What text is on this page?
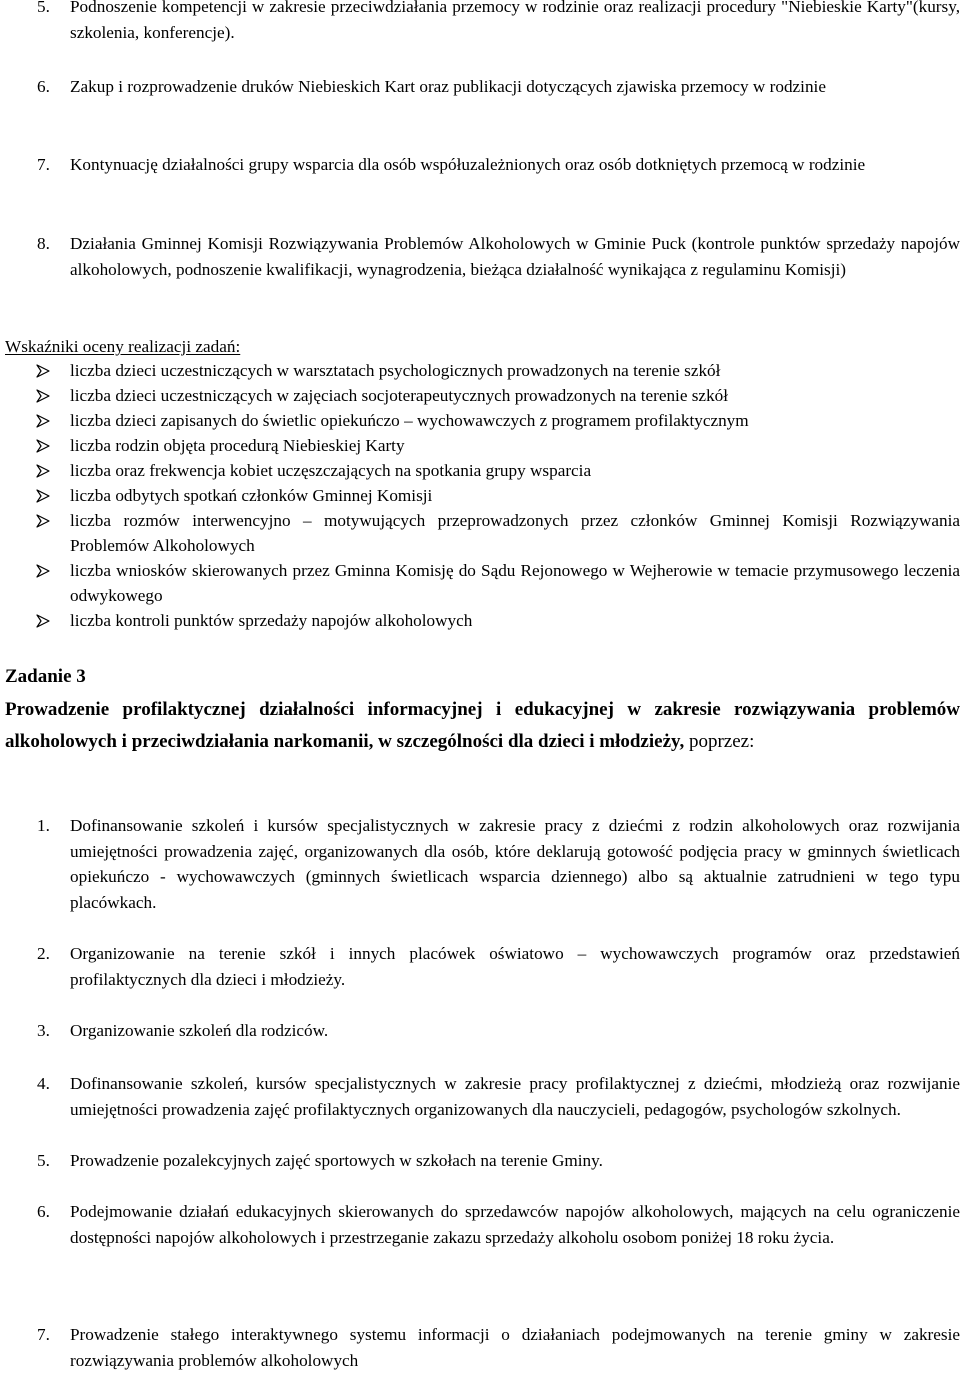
5. Podnoszenie kompetencji w zakresie przeciwdziałania przemocy w rodzinie oraz realizacji procedury "Niebieskie Karty"(kursy, szkolenia, konferencje).
6. Zakup i rozprowadzenie druków Niebieskich Kart oraz publikacji dotyczących zjawiska przemocy w rodzinie
7. Kontynuację działalności grupy wsparcia dla osób współuzależnionych oraz osób dotkniętych przemocą w rodzinie
8. Działania Gminnej Komisji Rozwiązywania Problemów Alkoholowych w Gminie Puck (kontrole punktów sprzedaży napojów alkoholowych, podnoszenie kwalifikacji, wynagrodzenia, bieżąca działalność wynikająca z regulaminu Komisji)
Wskaźniki oceny realizacji zadań:
liczba dzieci uczestniczących w warsztatach psychologicznych prowadzonych na terenie szkół
liczba dzieci uczestniczących w zajęciach socjoterapeutycznych prowadzonych na terenie szkół
liczba dzieci zapisanych do świetlic opiekuńczo – wychowawczych z programem profilaktycznym
liczba rodzin objęta procedurą Niebieskiej Karty
liczba oraz frekwencja kobiet uczęszczających na spotkania grupy wsparcia
liczba odbytych spotkań członków Gminnej Komisji
liczba rozmów interwencyjno – motywujących przeprowadzonych przez członków Gminnej Komisji Rozwiązywania Problemów Alkoholowych
liczba wniosków skierowanych przez Gminna Komisję do Sądu Rejonowego w Wejherowie w temacie przymusowego leczenia odwykowego
liczba kontroli punktów sprzedaży napojów alkoholowych
Zadanie 3
Prowadzenie profilaktycznej działalności informacyjnej i edukacyjnej w zakresie rozwiązywania problemów alkoholowych i przeciwdziałania narkomanii, w szczególności dla dzieci i młodzieży, poprzez:
1. Dofinansowanie szkoleń i kursów specjalistycznych w zakresie pracy z dziećmi z rodzin alkoholowych oraz rozwijania umiejętności prowadzenia zajęć, organizowanych dla osób, które deklarują gotowość podjęcia pracy w gminnych świetlicach opiekuńczo - wychowawczych (gminnych świetlicach wsparcia dziennego) albo są aktualnie zatrudnieni w tego typu placówkach.
2. Organizowanie na terenie szkół i innych placówek oświatowo – wychowawczych programów oraz przedstawień profilaktycznych dla dzieci i młodzieży.
3. Organizowanie szkoleń dla rodziców.
4. Dofinansowanie szkoleń, kursów specjalistycznych w zakresie pracy profilaktycznej z dziećmi, młodzieżą oraz rozwijanie umiejętności prowadzenia zajęć profilaktycznych organizowanych dla nauczycieli, pedagogów, psychologów szkolnych.
5. Prowadzenie pozalekcyjnych zajęć sportowych w szkołach na terenie Gminy.
6. Podejmowanie działań edukacyjnych skierowanych do sprzedawców napojów alkoholowych, mających na celu ograniczenie dostępności napojów alkoholowych i przestrzeganie zakazu sprzedaży alkoholu osobom poniżej 18 roku życia.
7. Prowadzenie stałego interaktywnego systemu informacji o działaniach podejmowanych na terenie gminy w zakresie rozwiązywania problemów alkoholowych
